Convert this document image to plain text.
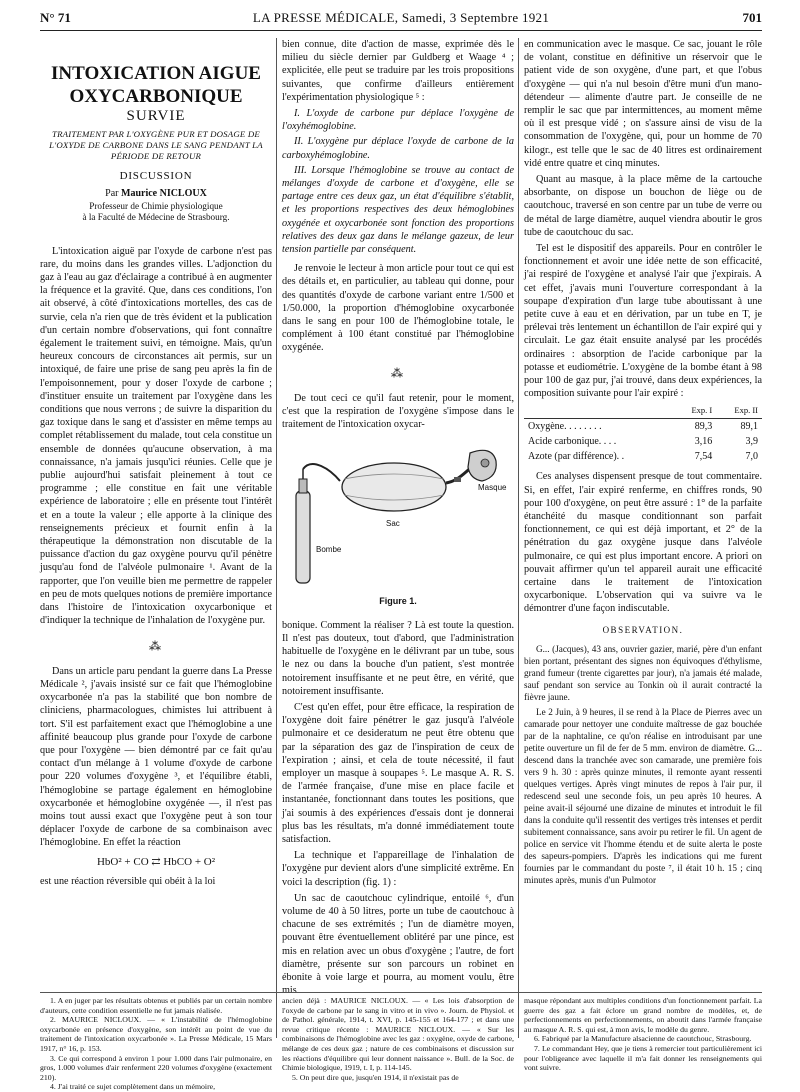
N° 71	LA PRESSE MÉDICALE, Samedi, 3 Septembre 1921	701
INTOXICATION AIGUE
OXYCARBONIQUE
SURVIE
TRAITEMENT PAR L'OXYGÈNE PUR ET DOSAGE DE L'OXYDE DE CARBONE DANS LE SANG PENDANT LA PÉRIODE DE RETOUR
DISCUSSION
Par Maurice NICLOUX
Professeur de Chimie physiologique
à la Faculté de Médecine de Strasbourg.

L'intoxication aiguë par l'oxyde de carbone n'est pas rare, du moins dans les grandes villes. L'adjonction du gaz à l'eau au gaz d'éclairage a contribué à en augmenter la fréquence et la gravité. Que, dans ces conditions, l'on ait observé, à côté d'intoxications mortelles, des cas de survie, cela n'a rien que de très évident et la publication d'un certain nombre d'observations, qui font connaître également le traitement suivi, en témoigne. Mais, qu'un heureux concours de circonstances ait permis, sur un intoxiqué, de faire une prise de sang peu après la fin de l'empoisonnement, pour y doser l'oxyde de carbone ; d'instituer ensuite un traitement par l'oxygène dans les conditions que nous verrons ; de suivre la disparition du gaz toxique dans le sang et d'assister en même temps au complet rétablissement du malade, tout cela constitue un ensemble de données qu'aucune observation, à ma connaissance, n'a jamais jusqu'ici réunies. Celle que je publie aujourd'hui satisfait pleinement à tout ce programme ; elle constitue en fait une véritable expérience de laboratoire ; elle en présente tout l'intérêt et en a toute la valeur ; elle apporte à la clinique des renseignements précieux et fournit enfin à la thérapeutique la démonstration non discutable de la puissance d'action du gaz oxygène pourvu qu'il pénètre jusqu'au fond de l'alvéole pulmonaire ¹. Avant de la rapporter, que l'on veuille bien me permettre de rappeler en peu de mots quelques notions de première importance dans l'histoire de l'intoxication oxycarbonique et d'indiquer la technique de l'inhalation de l'oxygène pur.

⁂

Dans un article paru pendant la guerre dans La Presse Médicale ², j'avais insisté sur ce fait que l'hémoglobine oxycarbonée n'a pas la stabilité que bon nombre de cliniciens, pharmacologues, chimistes lui attribuent à tort. S'il est parfaitement exact que l'hémoglobine a une affinité beaucoup plus grande pour l'oxyde de carbone que pour l'oxygène — bien démontré par ce fait qu'au contact d'un mélange à 1 volume d'oxyde de carbone pour 220 volumes d'oxygène ³, et l'équilibre établi, l'hémoglobine se partage également en hémoglobine oxycarbonée et hémoglobine oxygénée —, il n'est pas moins tout aussi exact que l'oxygène peut à son tour déplacer l'oxyde de carbone de sa combinaison avec l'hémoglobine. En effet la réaction

HbO² + CO ⇄ HbCO + O²

est une réaction réversible qui obéit à la loi

bien connue, dite d'action de masse, exprimée dès le milieu du siècle dernier par Guldberg et Waage ⁴ ; explicitée, elle peut se traduire par les trois propositions suivantes, que confirme d'ailleurs entièrement l'expérimentation physiologique ⁵ :

I. L'oxyde de carbone pur déplace l'oxygène de l'oxyhémoglobine.
II. L'oxygène pur déplace l'oxyde de carbone de la carboxyhémoglobine.
III. Lorsque l'hémoglobine se trouve au contact de mélanges d'oxyde de carbone et d'oxygène, elle se partage entre ces deux gaz, un état d'équilibre s'établit, et les proportions respectives des deux hémoglobines oxygénée et oxycarbonée sont fonction des proportions relatives des deux gaz dans le mélange gazeux, de leur tension partielle par conséquent.

Je renvoie le lecteur à mon article pour tout ce qui est des détails et, en particulier, au tableau qui donne, pour des quantités d'oxyde de carbone variant entre 1/500 et 1/50.000, la proportion d'hémoglobine oxycarbonée dans le sang en pour 100 de l'hémoglobine totale, le complément à 100 étant constitué par l'hémoglobine oxygénée.

⁂

De tout ceci ce qu'il faut retenir, pour le moment, c'est que la respiration de l'oxygène s'impose dans le traitement de l'intoxication oxycar-

Sac
Masque
Bombe
Figure 1.

bonique. Comment la réaliser ? Là est toute la question. Il n'est pas douteux, tout d'abord, que l'administration habituelle de l'oxygène en le délivrant par un tube, sous le nez ou dans la bouche d'un patient, s'est montrée notoirement insuffisante et ne peut être, en vérité, que notoirement insuffisante.

C'est qu'en effet, pour être efficace, la respiration de l'oxygène doit faire pénétrer le gaz jusqu'à l'alvéole pulmonaire et ce desideratum ne peut être obtenu que par la séparation des gaz de l'inspiration de ceux de l'expiration ; ainsi, et cela de toute nécessité, il faut employer un masque à soupapes ⁵. Le masque A. R. S. de l'armée française, d'une mise en place facile et instantanée, fonctionnant dans toutes les positions, que j'ai soumis à des expériences d'essais dont je donnerai plus bas les résultats, m'a donné immédiatement toute satisfaction.

La technique et l'appareillage de l'inhalation de l'oxygène pur devient alors d'une simplicité extrême. En voici la description (fig. 1) :

Un sac de caoutchouc cylindrique, entoilé ⁶, d'un volume de 40 à 50 litres, porte un tube de caoutchouc à chacune de ses extrémités ; l'un de diamètre moyen, pouvant être éventuellement oblitéré par une pince, est mis en relation avec un obus d'oxygène ; l'autre, de fort diamètre, présente sur son parcours un robinet en ébonite à voie large et pourra, au moment voulu, être mis

en communication avec le masque. Ce sac, jouant le rôle de volant, constitue en définitive un réservoir que le patient vide de son oxygène, d'une part, et que l'obus d'oxygène — qui n'a nul besoin d'être muni d'un mano-détendeur — alimente d'autre part. Je conseille de ne remplir le sac que par intermittences, au moment même où il est presque vidé ; on s'assure ainsi de visu de la consommation de l'oxygène, qui, pour un homme de 70 kilogr., est telle que le sac de 40 litres est ordinairement vidé entre quatre et cinq minutes.

Quant au masque, à la place même de la cartouche absorbante, on dispose un bouchon de liège ou de caoutchouc, traversé en son centre par un tube de verre ou de métal de large diamètre, auquel viendra aboutir le gros tube de caoutchouc du sac.

Tel est le dispositif des appareils. Pour en contrôler le fonctionnement et avoir une idée nette de son efficacité, j'ai respiré de l'oxygène et analysé l'air que j'expirais. A cet effet, j'avais muni l'ouverture correspondant à la soupape d'expiration d'un large tube aboutissant à une petite cuve à eau et en dérivation, par un tube en T, je prélevai très lentement un échantillon de l'air expiré qui y circulait. Le gaz était ensuite analysé par les procédés ordinaires : absorption de l'acide carbonique par la potasse et eudiométrie. L'oxygène de la bombe étant à 98 pour 100 de gaz pur, j'ai trouvé, dans deux expériences, la composition suivante pour l'air expiré :

	Exp. I	Exp. II
Oxygène. . . . . . . .	89,3	89,1
Acide carbonique. . . .	3,16	3,9
Azote (par différence). .	7,54	7,0

Ces analyses dispensent presque de tout commentaire. Si, en effet, l'air expiré renferme, en chiffres ronds, 90 pour 100 d'oxygène, on peut être assuré : 1° de la parfaite étanchéité du masque conditionnant son parfait fonctionnement, ce qui est déjà important, et 2° de la pénétration du gaz oxygène jusque dans l'alvéole pulmonaire, ce qui est plus important encore. A priori on pouvait affirmer qu'un tel appareil aurait une efficacité certaine dans le traitement de l'intoxication oxycarbonique. L'observation qui va suivre va le démontrer d'une façon indiscutable.

OBSERVATION.

G... (Jacques), 43 ans, ouvrier gazier, marié, père d'un enfant bien portant, présentant des signes non équivoques d'éthylisme, grand fumeur (trente cigarettes par jour), n'a jamais été malade, sauf pendant son service au Tonkin où il aurait contracté la fièvre jaune.

Le 2 Juin, à 9 heures, il se rend à la Place de Pierres avec un camarade pour nettoyer une conduite maîtresse de gaz bouchée par de la naphtaline, ce qu'on réalise en introduisant par une petite ouverture un fil de fer de 5 mm. environ de diamètre. G... descend dans la tranchée avec son camarade, une première fois vers 9 h. 30 : après quinze minutes, il remonte ayant ressenti quelques vertiges. Après vingt minutes de repos à l'air pur, il redescend seul une seconde fois, un peu après 10 heures. A peine avait-il séjourné une dizaine de minutes et introduit le fil dans la conduite qu'il ressentit des vertiges très intenses et perdit subitement connaissance, sans avoir pu retirer le fil. Un agent de police en service vit l'homme étendu et de suite alerta le poste des sapeurs-pompiers. D'après les indications qui me furent fournies par le commandant du poste ⁷, il était 10 h. 15 ; cinq minutes après, munis d'un Pulmotor

1. A en juger par les résultats obtenus et publiés par un certain nombre d'auteurs, cette condition essentielle ne fut jamais réalisée.

2. MAURICE NICLOUX. — « L'instabilité de l'hémoglobine oxycarbonée en présence d'oxygène, son intérêt au point de vue du traitement de l'intoxication oxycarbonée ». La Presse Médicale, 15 Mars 1917, n° 16, p. 153.

3. Ce qui correspond à environ 1 pour 1.000 dans l'air pulmonaire, en gros, 1.000 volumes d'air renferment 220 volumes d'oxygène (exactement 210).

4. J'ai traité ce sujet complètement dans un mémoire,

ancien déjà : MAURICE NICLOUX. — « Les lois d'absorption de l'oxyde de carbone par le sang in vitro et in vivo ». Journ. de Physiol. et de Pathol. générale, 1914, t. XVI, p. 145-155 et 164-177 ; et dans une revue critique récente : MAURICE NICLOUX. — « Sur les combinaisons de l'hémoglobine avec les gaz : oxygène, oxyde de carbone, mélange de ces deux gaz ; nature de ces combinaisons et discussion sur les réactions d'équilibre qui leur donnent naissance ». Bull. de la Soc. de Chimie biologique, 1919, t. I, p. 114-145.

5. On peut dire que, jusqu'en 1914, il n'existait pas de

masque répondant aux multiples conditions d'un fonctionnement parfait. La guerre des gaz a fait éclore un grand nombre de modèles, et, de perfectionnements en perfectionnements, on aboutit dans l'armée française au masque A. R. S. qui est, à mon avis, le modèle du genre.

6. Fabriqué par la Manufacture alsacienne de caoutchouc, Strasbourg.

7. Le commandant Hey, que je tiens à remercier tout particulièrement ici pour l'obligeance avec laquelle il m'a fait donner les renseignements qui vont suivre.
